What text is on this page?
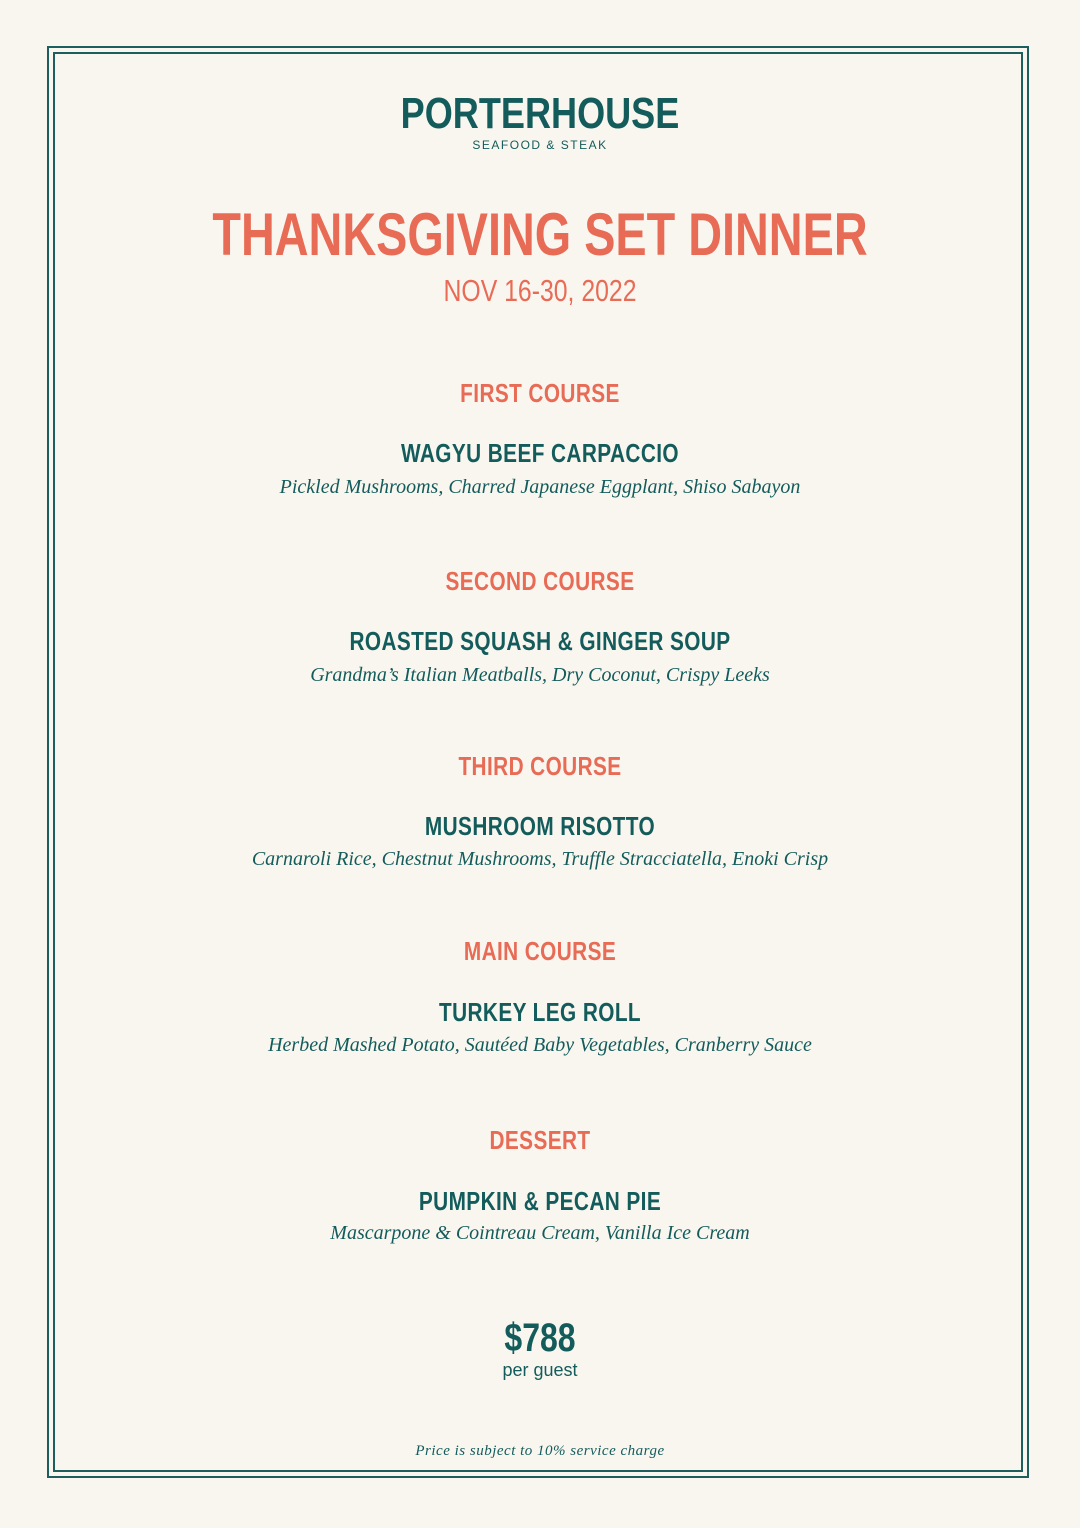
PORTERHOUSE
SEAFOOD & STEAK
THANKSGIVING SET DINNER
NOV 16-30, 2022
FIRST COURSE
WAGYU BEEF CARPACCIO
Pickled Mushrooms, Charred Japanese Eggplant, Shiso Sabayon
SECOND COURSE
ROASTED SQUASH & GINGER SOUP
Grandma’s Italian Meatballs, Dry Coconut, Crispy Leeks
THIRD COURSE
MUSHROOM RISOTTO
Carnaroli Rice, Chestnut Mushrooms, Truffle Stracciatella, Enoki Crisp
MAIN COURSE
TURKEY LEG ROLL
Herbed Mashed Potato, Sautéed Baby Vegetables, Cranberry Sauce
DESSERT
PUMPKIN & PECAN PIE
Mascarpone & Cointreau Cream, Vanilla Ice Cream
$788
per guest
Price is subject to 10% service charge
